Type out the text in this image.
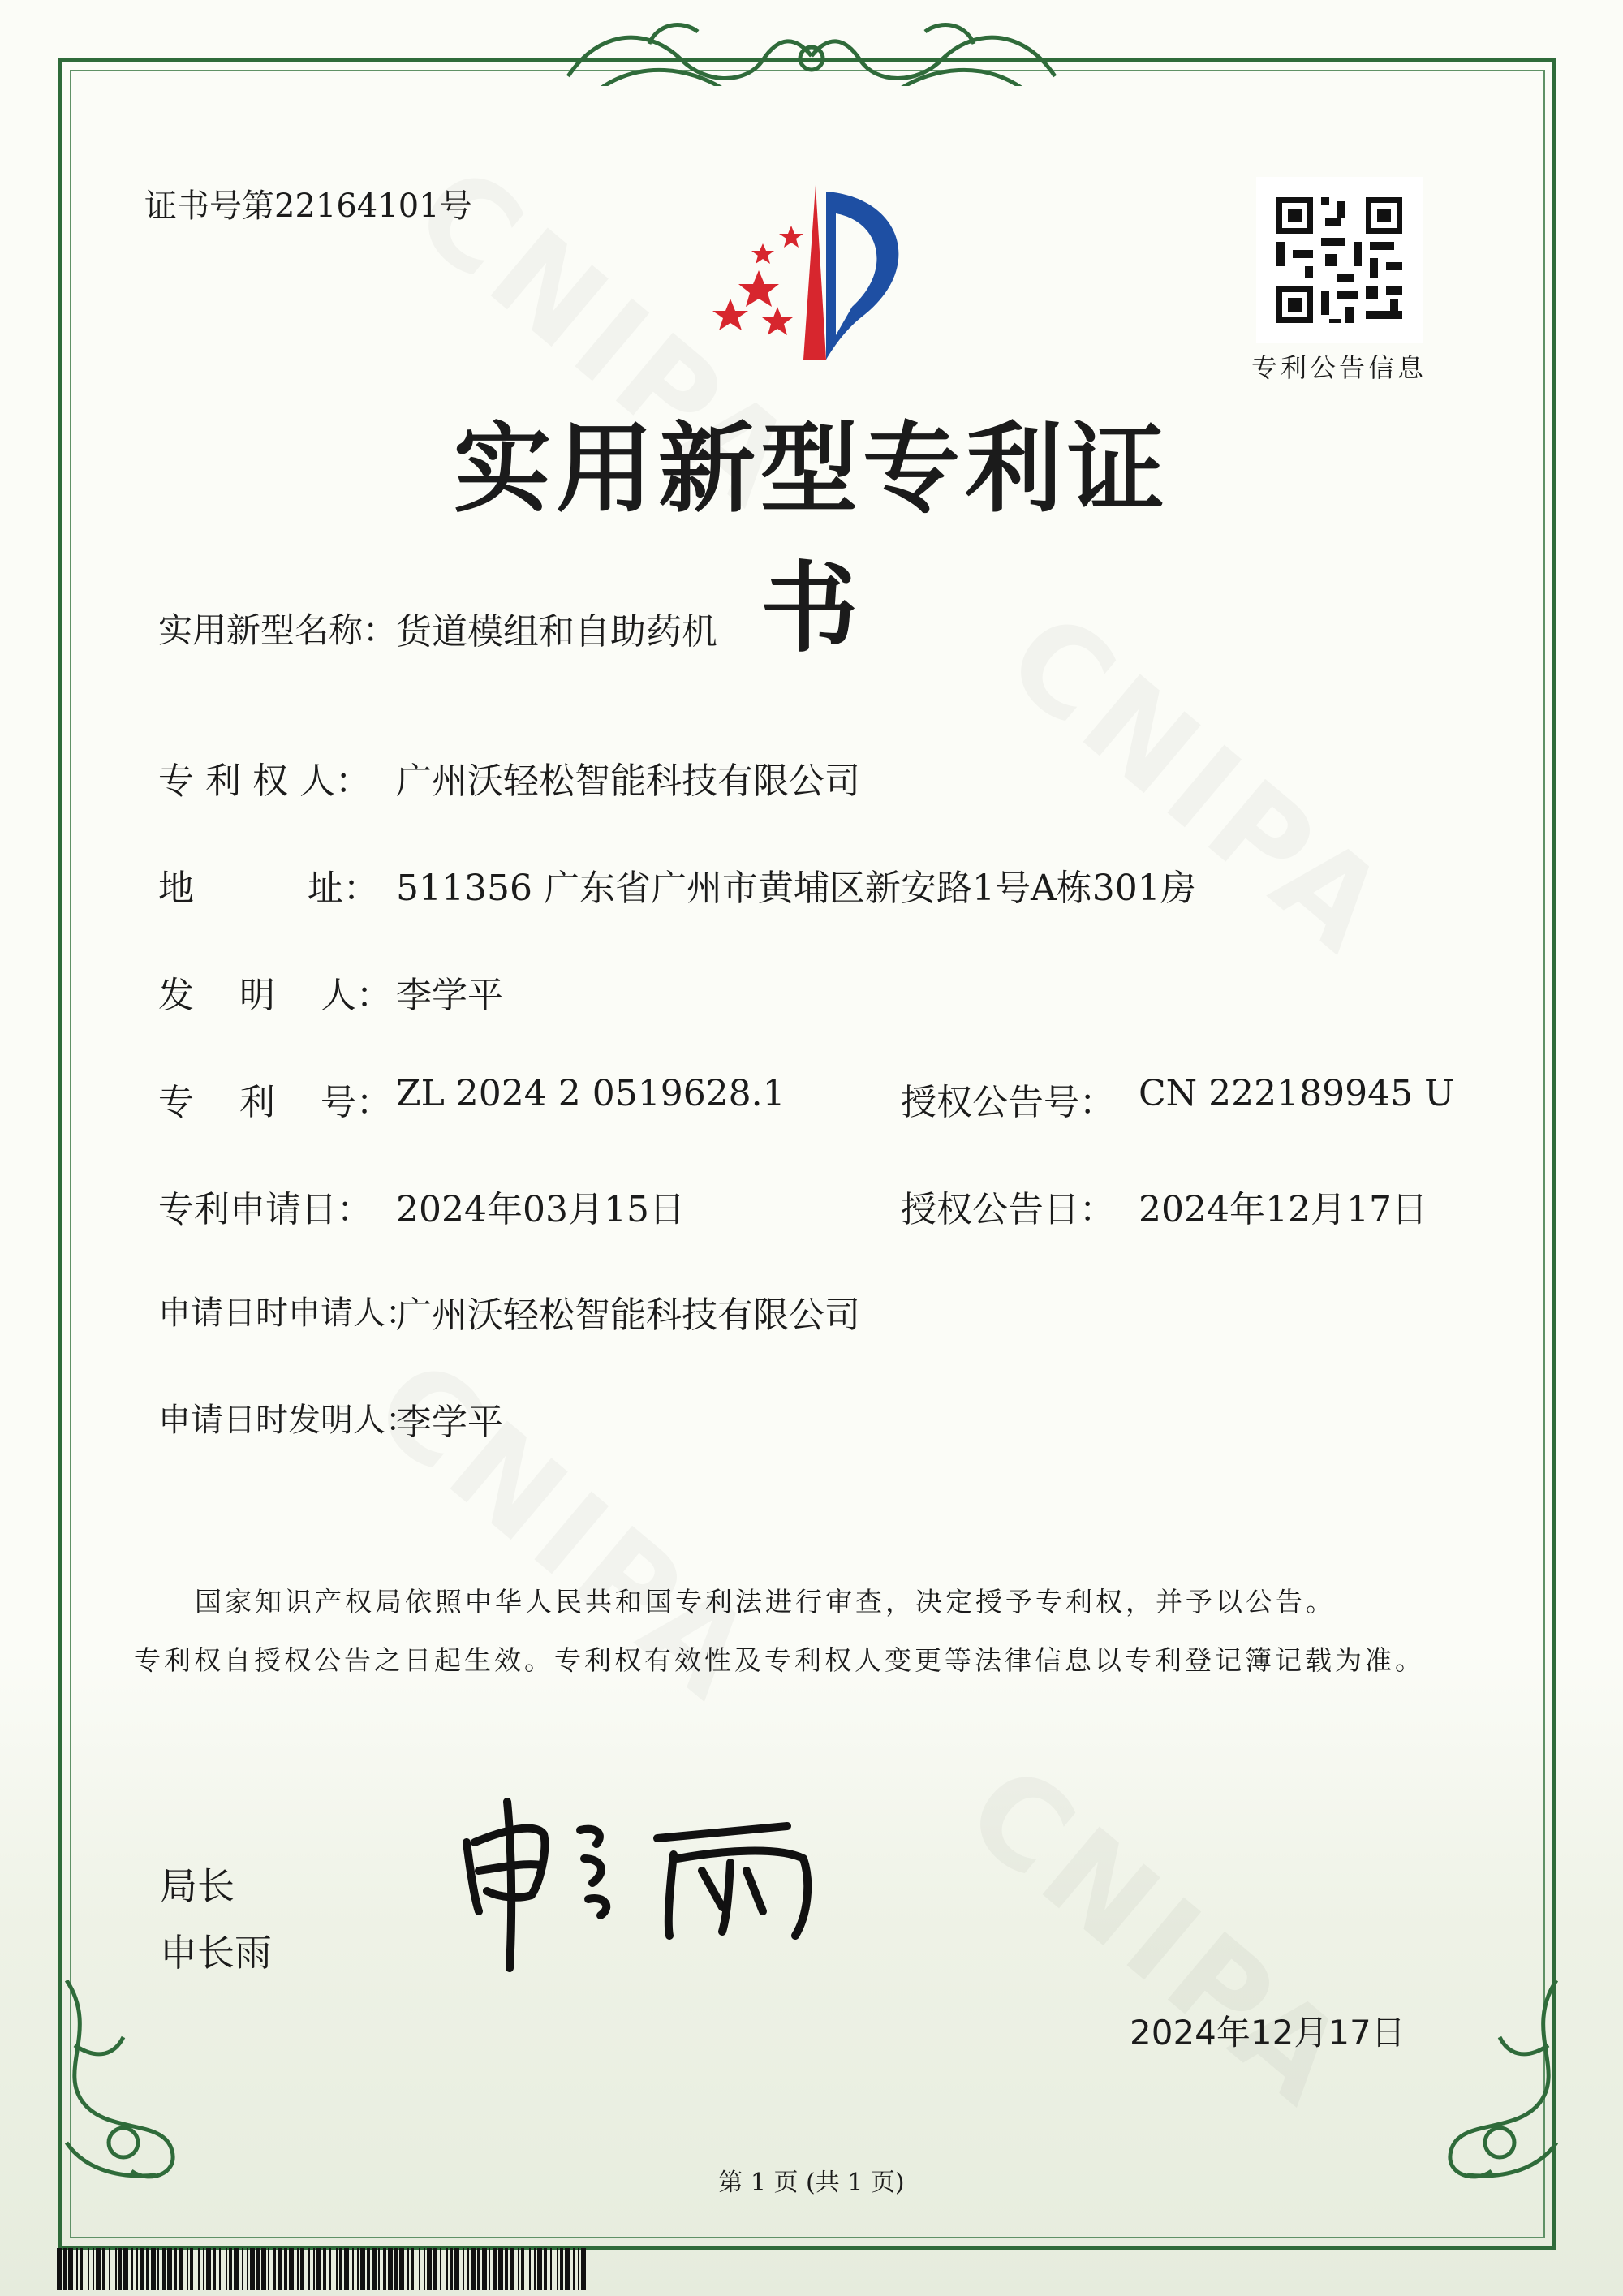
证书号第22164101号
专利公告信息
实用新型专利证书
实用新型名称：
货道模组和自助药机
专 利 权 人： 广州沃轻松智能科技有限公司
地          址： 511356 广东省广州市黄埔区新安路1号A栋301房
发    明    人： 李学平
专    利    号： ZL 2024 2 0519628.1	授权公告号： CN 222189945 U
专利申请日： 2024年03月15日	授权公告日： 2024年12月17日
申请日时申请人：
广州沃轻松智能科技有限公司
申请日时发明人：
李学平
国家知识产权局依照中华人民共和国专利法进行审查，决定授予专利权，并予以公告。
专利权自授权公告之日起生效。专利权有效性及专利权人变更等法律信息以专利登记簿记载为准。
局长
申长雨
2024年12月17日
第 1 页 (共 1 页)
